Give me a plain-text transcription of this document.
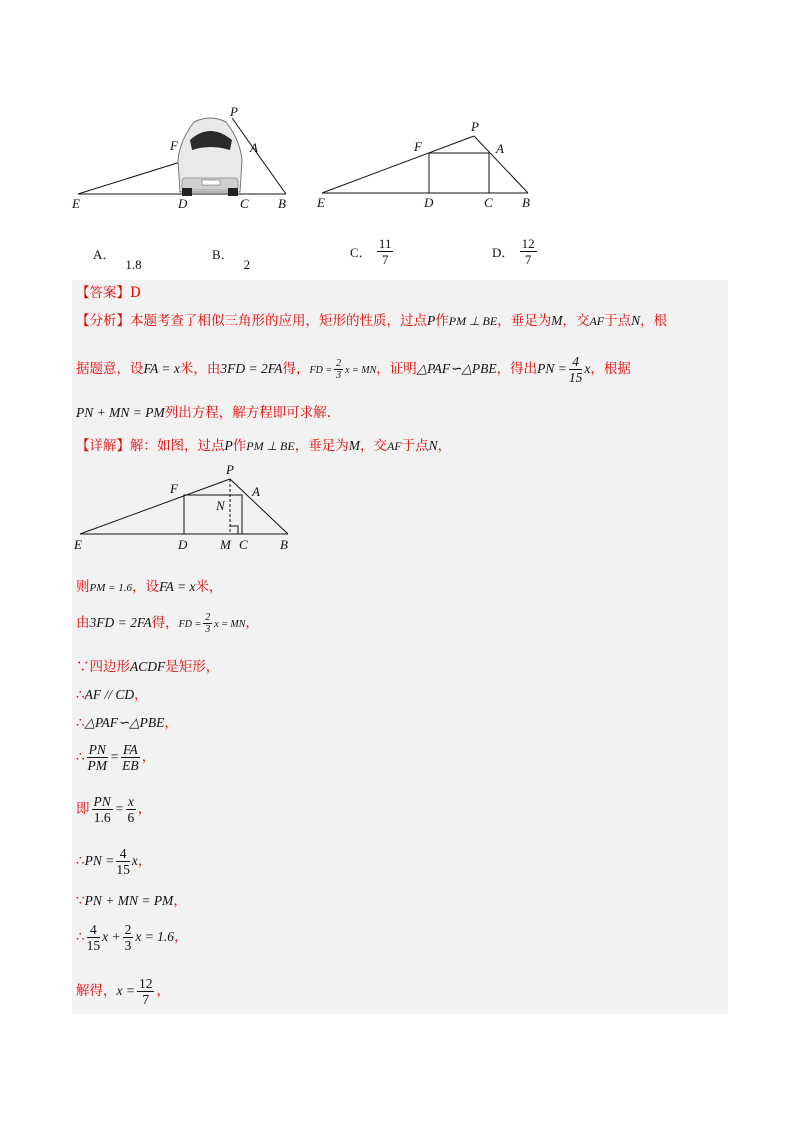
P
F	A
E	D	C B
P
F	A
E	D	C B
A．1.8
B．2
C． $\frac{11}{7}$	D． $\frac{12}{7}$
【答案】D
【分析】本题考查了相似三角形的应用，矩形的性质，过点P作PM ⊥ BE，垂足为M，交AF于点N，根
据题意，设FA = x米，由3FD = 2FA得，FD = $\frac{2}{3}$ x = MN，证明△PAF∽△PBE，得出PN = $\frac{4}{15}$ x，根据
PN + MN = PM列出方程，解方程即可求解.
【详解】解：如图，过点P作PM ⊥ BE，垂足为M，交AF于点N，
P
F	A
N
E	D	M C B
则PM = 1.6，设FA = x米，
由3FD = 2FA得，FD = $\frac{2}{3}$ x = MN，
∵四边形ACDF是矩形，
∴AF // CD，
∴△PAF∽△PBE，
∴ $\frac{PN}{PM} = \frac{FA}{EB}$ ，
即 $\frac{PN}{1.6} = \frac{x}{6}$ ，
∴PN = $\frac{4}{15}$ x，
∵PN + MN = PM，
∴ $\frac{4}{15}$ $x + \frac{2}{3}$ x = 1.6，
解得，$x = \frac{12}{7}$ ，
